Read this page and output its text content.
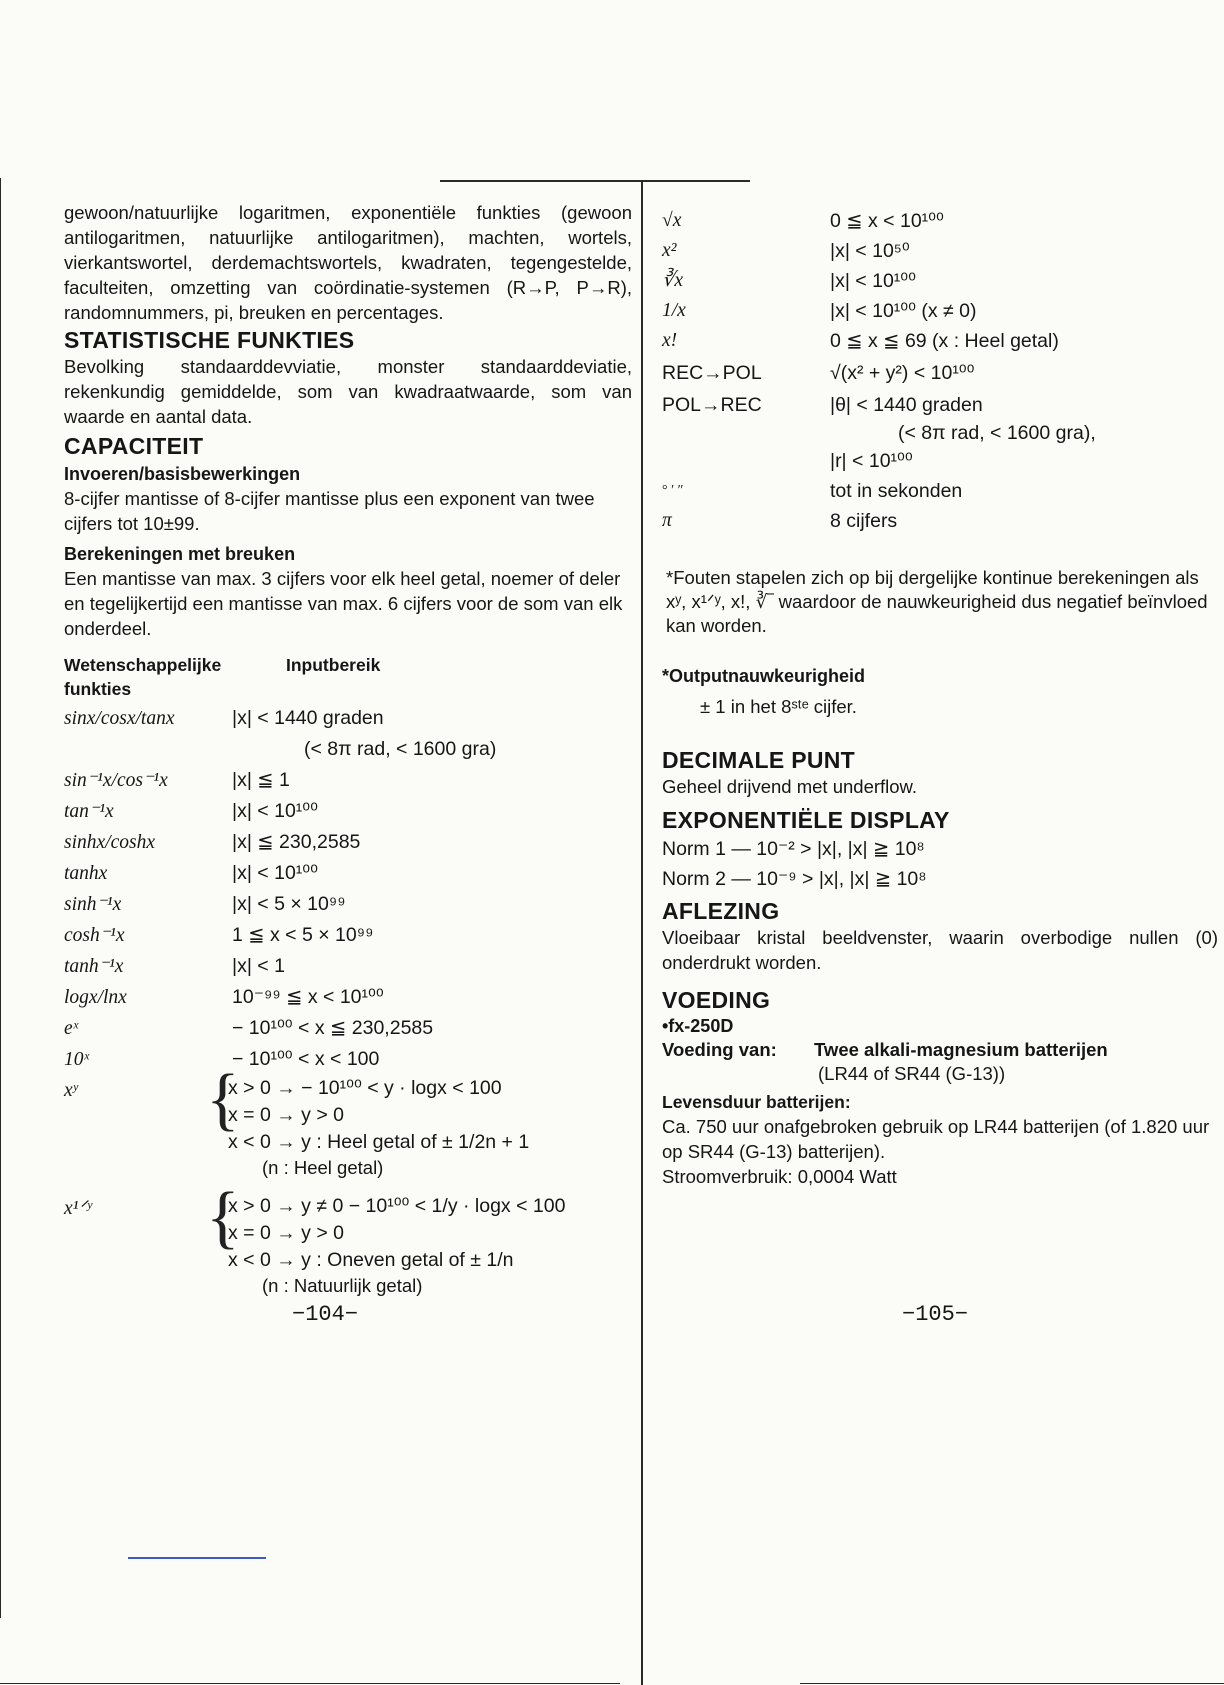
gewoon/natuurlijke logaritmen, exponentiële funkties (gewoon antilogaritmen, natuurlijke antilogaritmen), machten, wortels, vierkantswortel, derdemachtswortels, kwadraten, tegengestelde, faculteiten, omzetting van coördinatie-systemen (R→P, P→R), randomnummers, pi, breuken en percentages.

STATISTISCHE FUNKTIES

Bevolking standaarddevviatie, monster standaarddeviatie, rekenkundig gemiddelde, som van kwadraatwaarde, som van waarde en aantal data.

CAPACITEIT
Invoeren/basisbewerkingen

8-cijfer mantisse of 8-cijfer mantisse plus een exponent van twee cijfers tot 10±99.

Berekeningen met breuken

Een mantisse van max. 3 cijfers voor elk heel getal, noemer of deler en tegelijkertijd een mantisse van max. 6 cijfers voor de som van elk onderdeel.

Wetenschappelijke funkties
Inputbereik
sinx/cosx/tanx	|x| < 1440 graden
(< 8π rad, < 1600 gra)
sin⁻¹x/cos⁻¹x	|x| ≦ 1
tan⁻¹x	|x| < 10¹⁰⁰
sinhx/coshx	|x| ≦ 230,2585
tanhx	|x| < 10¹⁰⁰
sinh⁻¹x	|x| < 5 × 10⁹⁹
cosh⁻¹x	1 ≦ x < 5 × 10⁹⁹
tanh⁻¹x	|x| < 1
logx/lnx	10⁻⁹⁹ ≦ x < 10¹⁰⁰
eˣ	− 10¹⁰⁰ < x ≦ 230,2585
10ˣ	− 10¹⁰⁰ < x < 100
xʸ {
x > 0 → − 10¹⁰⁰ < y · logx < 100
x = 0 → y > 0
x < 0 → y : Heel getal of ± 1/2n + 1
(n : Heel getal)
x¹ᐟʸ {
x > 0 → y ≠ 0 − 10¹⁰⁰ < 1/y · logx < 100
x = 0 → y > 0
x < 0 → y : Oneven getal of ± 1/n
(n : Natuurlijk getal)
−104−
√x	0 ≦ x < 10¹⁰⁰
x²	|x| < 10⁵⁰
∛x	|x| < 10¹⁰⁰
1/x	|x| < 10¹⁰⁰ (x ≠ 0)
x!	0 ≦ x ≦ 69 (x : Heel getal)
REC→POL	√(x² + y²) < 10¹⁰⁰
POL→REC	|θ| < 1440 graden
(< 8π rad, < 1600 gra),
|r| < 10¹⁰⁰
° ′ ″	tot in sekonden
π	8 cijfers

*Fouten stapelen zich op bij dergelijke kontinue berekeningen als xʸ, x¹ᐟʸ, x!, ∛‾ waardoor de nauwkeurigheid dus negatief beïnvloed kan worden.

*Outputnauwkeurigheid

± 1 in het 8ˢᵗᵉ cijfer.

DECIMALE PUNT

Geheel drijvend met underflow.

EXPONENTIËLE DISPLAY

Norm 1 — 10⁻² > |x|, |x| ≧ 10⁸

Norm 2 — 10⁻⁹ > |x|, |x| ≧ 10⁸

AFLEZING

Vloeibaar kristal beeldvenster, waarin overbodige nullen (0) onderdrukt worden.

VOEDING
•fx-250D
Voeding van: Twee alkali-magnesium batterijen
(LR44 of SR44 (G-13))
Levensduur batterijen:

Ca. 750 uur onafgebroken gebruik op LR44 batterijen (of 1.820 uur op SR44 (G-13) batterijen).

Stroomverbruik: 0,0004 Watt

−105−
